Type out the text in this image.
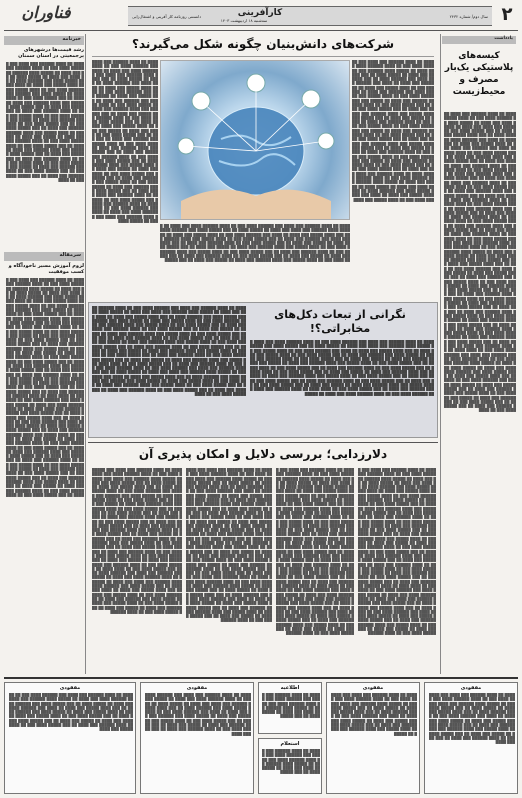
۲
کارآفرینی	سال دوم/ شماره ۲۴۳۲
سه‌شنبه ۱۸ اردیبهشت ۱۴۰۳
دانستنی روزنامه کار آفرینی و اشتغال‌زایی
فناوران
خبرنامه
رشد قیمت‌ها درشهرهای پرجمعیتی در استان سمنان
████ ██ ████ ██████ ███ ████ ███ ██████ ████ ███ ██ ████ ██████ ████ ███ ████ ██ █████ ████ ██████ ███ ████ ███ ████ ██ █████ ████ ██ ███ █████ ████ ███ ██████ ████ ██ ███ ████ █████ ███ ████ ██ ████ ███ ██████ ████ ███ ██ ████ █████ ███ ████ ██ █████ ████ ███ ██████ ███ ████ ██ ███ █████ ████ ███ ██ ████ █████ ███ ████ ██████ ███ ████ ██ █████ ███ ████ ██ ███ █████ ████ ███ ██ ████ ██████ ███ ████ ██ ███ █████ ████ ███ ██ ████ █████ ███ ████ ██████ ███ ████ ██ █████ ███ ████ ██ ███ █████ ████ ███ ██ ████ ██████ ███ ████ ██ ███ █████ ████ ███ ██ ████ █████ ███ ████ ██████ ███ ████ ██ █████ ███ ████ ██ ███ █████ ████ ███ ██ ████ ██████ ███ ████ ██ ███ █████ ████ ███ ██ ████ █████ ███ ████ ██████ ███ ████ ██ █████ ███ ████ ██ ███ █████ ████ ███ ██ ████ ██████ ███ ████ ██ ███ █████ ████ ███ ██ ████ █████ ███ ████ ██████ ███ ████ ██ █████ ███ ████ ██ ███ █████ ████ ███ ██ ████ ██████ ███ ████ ██ ███ █████ ████ ███ ██ ████
سرمقاله
لزوم آموزش مسیر ناخودآگاه و کسب موفقیت
████ ██ ████ ██████ ███ ████ ███ ██████ ████ ███ ██ ████ ██████ ████ ███ ████ ██ █████ ████ ██████ ███ ████ ███ ████ ██ █████ ████ ██ ███ █████ ████ ███ ██████ ████ ██ ███ ████ █████ ███ ████ ██ ████ ███ ██████ ████ ███ ██ ████ █████ ███ ████ ██ █████ ████ ███ ██████ ███ ████ ██ ███ █████ ████ ███ ██ ████ █████ ███ ████ ██████ ███ ████ ██ █████ ███ ████ ██ ███ █████ ████ ███ ██ ████ ██████ ███ ████ ██ ███ █████ ████ ███ ██ ████ █████ ███ ████ ██████ ███ ████ ██ █████ ███ ████ ██ ███ █████ ████ ███ ██ ████ ██████ ███ ████ ██ ███ █████ ████ ███ ██ ████ █████ ███ ████ ██████ ███ ████ ██ █████ ███ ████ ██ ███ █████ ████ ███ ██ ████ ██████ ███ ████ ██ ███ █████ ████ ███ ██ ████ █████ ███ ████ ██████ ███ ████ ██ █████ ███ ████ ██ ███ █████ ████ ███ ██ ████ ██████ ███ ████ ██ ███ █████ ████ ███ ██ ████ █████ ███ ████ ██████ ███ ████ ██ █████ ███ ████ ██ ███ █████ ████ ███ ██ ████ ██████ ███ ████ ██ ███ █████ ████ ███ ██ ████ ████ ██ ████ ██████ ███ ████ ███ ██████ ████ ███ ██ ████ ██████ ████ ███ ████ ██ █████ ████ ██████ ███ ████ ███ ████ ██ █████ ████ ██ ███ █████ ████ ███ ██████ ████ ██ ███ ████ █████ ███ ████ ██ ████ ███ ██████ ████ ███ ██ ████ █████ ███ ████ ██ █████ ████ ███ ██████ ███ ████ ██ ███ █████ ████ ███ ██ ████ █████ ███ ████ ██████ ███ ████ ██ █████ ███ ████ ██ ███ █████ ████ ███ ██ ████ ██████ ███ ████ ██ ███ █████ ████ ███ ██ ████ █████ ███ ████ ██████ ███ ████ ██ █████ ███ ████ ██ ███ █████ ████ ███ ██ ████ ██████ ███ ████ ██ ███ █████ ████ ███ ██ ████ █████ ███ ████ ██████ ███ ████ ██ █████ ███ ████ ██ ███ █████ ████ ███ ██ ████ ██████ ███ ████ ██ ███ █████ ████ ███ ██ ████ █████ ███ ████ ██████ ███ ████ ██ █████ ███ ████ ██ ███ █████ ████ ███ ██ ████ ██████ ███ ████ ██ ███ █████ ████ ███ ██ ████
یادداشت
کیسه‌های پلاستیکی یک‌بار مصرف و محیط‌زیست
████ ██ ████ ██████ ███ ████ ███ ██████ ████ ███ ██ ████ ██████ ████ ███ ████ ██ █████ ████ ██████ ███ ████ ███ ████ ██ █████ ████ ██ ███ █████ ████ ███ ██████ ████ ██ ███ ████ █████ ███ ████ ██ ████ ███ ██████ ████ ███ ██ ████ █████ ███ ████ ██ █████ ████ ███ ██████ ███ ████ ██ ███ █████ ████ ███ ██ ████ █████ ███ ████ ██████ ███ ████ ██ █████ ███ ████ ██ ███ █████ ████ ███ ██ ████ ██████ ███ ████ ██ ███ █████ ████ ███ ██ ████ █████ ███ ████ ██████ ███ ████ ██ █████ ███ ████ ██ ███ █████ ████ ███ ██ ████ ██████ ███ ████ ██ ███ █████ ████ ███ ██ ████ █████ ███ ████ ██████ ███ ████ ██ █████ ███ ████ ██ ███ █████ ████ ███ ██ ████ ██████ ███ ████ ██ ███ █████ ████ ███ ██ ████ █████ ███ ████ ██████ ███ ████ ██ █████ ███ ████ ██ ███ █████ ████ ███ ██ ████ ██████ ███ ████ ██ ███ █████ ████ ███ ██ ████ █████ ███ ████ ██████ ███ ████ ██ █████ ███ ████ ██ ███ █████ ████ ███ ██ ████ ██████ ███ ████ ██ ███ █████ ████ ███ ██ ████ ████ ██ ████ ██████ ███ ████ ███ ██████ ████ ███ ██ ████ ██████ ████ ███ ████ ██ █████ ████ ██████ ███ ████ ███ ████ ██ █████ ████ ██ ███ █████ ████ ███ ██████ ████ ██ ███ ████ █████ ███ ████ ██ ████ ███ ██████ ████ ███ ██ ████ █████ ███ ████ ██ █████ ████ ███ ██████ ███ ████ ██ ███ █████ ████ ███ ██ ████ █████ ███ ████ ██████ ███ ████ ██ █████ ███ ████ ██ ███ █████ ████ ███ ██ ████ ██████ ███ ████ ██ ███ █████ ████ ███ ██ ████ █████ ███ ████ ██████ ███ ████ ██ █████ ███ ████ ██ ███ █████ ████ ███ ██ ████ ██████ ███ ████ ██ ███ █████ ████ ███ ██ ████ █████ ███ ████ ██████ ███ ████ ██ █████ ███ ████ ██ ███ █████ ████ ███ ██ ████ ██████ ███ ████ ██ ███ █████ ████ ███ ██ ████ █████ ███ ████ ██████ ███ ████ ██ █████ ███ ████ ██ ███ █████ ████ ███ ██ ████ ██████ ███ ████ ██ ███ █████ ████ ███ ██ ████ ████ ██ ████ ██████ ███ ████ ███ ██████ ████ ███ ██ ████ ██████ ████ ███ ████ ██ █████ ████ ██████ ███ ████ ███ ████ ██ █████ ████ ██ ███ █████ ████ ███ ██████ ████ ██ ███ ████ █████ ███ ████ ██ ████ ███ ██████ ████ ███ ██ ████ █████ ███ ████ ██ █████ ████ ███ ██████ ███ ████ ██ ███ █████ ████ ███ ██ ████ █████ ███ ████ ██████ ███ ████ ██ █████ ███ ████ ██ ███ █████ ████ ███ ██ ████ ██████ ███ ████ ██ ███ █████ ████ ███ ██ ████
شرکت‌های دانش‌بنیان چگونه شکل می‌گیرند؟
████ ██ ████ ██████ ███ ████ ███ ██████ ████ ███ ██ ████ ██████ ████ ███ ████ ██ █████ ████ ██████ ███ ████ ███ ████ ██ █████ ████ ██ ███ █████ ████ ███ ██████ ████ ██ ███ ████ █████ ███ ████ ██ ████ ███ ██████ ████ ███ ██ ████ █████ ███ ████ ██ █████ ████ ███ ██████ ███ ████ ██ ███ █████ ████ ███ ██ ████ █████ ███ ████ ██████ ███ ████ ██ █████ ███ ████ ██ ███ █████ ████ ███ ██ ████ ██████ ███ ████ ██ ███ █████ ████ ███ ██ ████ █████ ███ ████ ██████ ███ ████ ██ █████ ███ ████ ██ ███ █████ ████ ███ ██ ████ ██████ ███ ████ ██ ███ █████ ████ ███ ██ ████ █████ ███ ████ ██████ ███ ████ ██ █████ ███ ████ ██ ███ █████ ████ ███ ██ ████ ██████ ███ ████ ██ ███ █████ ████ ███ ██ ████ █████ ███ ████ ██████ ███ ████ ██ █████ ███ ████ ██ ███ █████ ████ ███ ██ ████ ██████ ███ ████ ██ ███ █████ ████ ███ ██ ████ █████ ███ ████ ██████ ███ ████ ██ █████ ███ ████ ██ ███ █████ ████ ███ ██ ████ ██████ ███ ████ ██ ███ █████ ████ ███ ██ ████ ████ ██ ████ ██████ ███ ████ ███ ██████ ████ ███ ██ ████ ██████ ████ ███ ████ ██ █████ ████ ██████ ███ ████ ███ ████ ██ █████ ████ ██ ███ █████ ████ ███ ██████ ████ ██ ███ ████ █████ ███ ████ ██ ████ ███ ██████ ████ ███ ██ ████ █████ ███ ████
████ ██ ████ ██████ ███ ████ ███ ██████ ████ ███ ██ ████ ██████ ████ ███ ████ ██ █████ ████ ██████ ███ ████ ███ ████ ██ █████ ████ ██ ███ █████ ████ ███ ██████ ████ ██ ███ ████ █████ ███ ████ ██ ████ ███ ██████ ████ ███ ██ ████ █████ ███ ████ ██ █████ ████ ███ ██████ ███ ████ ██ ███ █████ ████ ███ ██ ████ █████ ███ ████ ██████ ███ ████ ██ █████ ███ ████ ██ ███ █████ ████ ███ ██ ████ ██████ ███ ████ ██ ███ █████ ████ ███ ██ ████ █████ ███ ████ ██████ ███ ████ ██ █████ ███ ████ ██ ███ █████ ████ ███ ██ ████ ██████ ███ ████ ██ ███ █████ ████ ███ ██ ████ █████ ███ ████ ██████ ███ ████ ██ █████ ███ ████ ██ ███ █████ ████ ███ ██ ████ ██████ ███ ████ ██ ███ █████ ████ ███ ██ ████ █████ ███ ████ ██████ ███ ████ ██ █████ ███ ████ ██ ███ █████ ████ ███ ██ ████ ██████ ███ ████ ██ ███ █████ ████ ███ ██ ████ █████ ███ ████ ██████ ███ ████ ██ █████ ███ ████ ██ ███ █████ ████ ███ ██ ████ ██████ ███ ████ ██ ███ █████ ████ ███ ██ ████ ████ ██ ████ ██████ ███ ████ ███ ██████ ████ ███ ██ ████ ██████ ████ ███ ████ ██ █████ ████ ██████ ███ ████ ███ ████ ██ █████ ████
████ ██ ████ ██████ ███ ████ ███ ██████ ████ ███ ██ ████ ██████ ████ ███ ████ ██ █████ ████ ██████ ███ ████ ███ ████ ██ █████ ████ ██ ███ █████ ████ ███ ██████ ████ ██ ███ ████ █████ ███ ████ ██ ████ ███ ██████ ████ ███ ██ ████ █████ ███ ████ ██ █████ ████ ███ ██████ ███ ████ ██ ███ █████ ████ ███ ██ ████ █████ ███ ████ ██████ ███ ████ ██ █████ ███ ████ ██ ███ █████ ████ ███ ██ ████ ██████ ███ ████ ██ ███ █████ ████ ███ ██ ████ █████ ███ ████ ██████ ███ ████ ██ █████ ███ ████ ██ ███ █████ ████ ███ ██ ████ ██████ ███ ████ ██ ███ █████ ████ ███ ██ ████ █████ ███ ████ ██████ ███ ████ ██ █████ ███ ████ ██ ███ █████ ████ ███ ██ ████ ██████ ███ ████ ██ ███ █████ ████ ███ ██ ████ █████ ███ ████ ██████ ███ ████ ██ █████ ███ ████ ██ ███ █████
نگرانی از تبعات دکل‌های مخابراتی؟!
████ ██ ████ ██████ ███ ████ ███ ██████ ████ ███ ██ ████ ██████ ████ ███ ████ ██ █████ ████ ██████ ███ ████ ███ ████ ██ █████ ████ ██ ███ █████ ████ ███ ██████ ████ ██ ███ ████ █████ ███ ████ ██ ████ ███ ██████ ████ ███ ██ ████ █████ ███ ████ ██ █████ ████ ███ ██████ ███ ████ ██ ███ █████ ████ ███ ██ ████ █████ ███ ████ ██████ ███ ████ ██ █████ ███ ████ ██ ███ █████ ████ ███ ██ ████ ██████ ███ ████ ██ ███ █████ ████ ███ ██ ████ █████ ███ ████ ██████ ███ ████ ██ █████ ███ ████ ██ ███ █████ ████ ███ ██ ████ ██████ ███ ████ ██ ███ █████ ████ ███ ██ ████ █████ ███ ████ ██████ ███ ████ ██ █████ ███ ████ ██ ███ █████ ████ ███ ██ ████ ██████ ███ ████ ██ ███ █████ ████ ███ ██ ████ █████ ███ ████ ██████ ███ ████ ██ █████ ███ ████ ██ ███ █████ ████ ███ ██ ████ ██████ ███ ████ ██ ███ █████ ████ ███ ██ ████ █████ ███ ████ ██████ ███ ████ ██ █████ ███ ████ ██ ███ █████ ████ ███ ██ ████ ██████ ███ ████ ██ ███ █████ ████ ███ ██ ████ ████ ██ ████ ██████ ███ ████ ███ ██████ ████ ███ ██ ████ ██████ ████ ███ ████ ██ █████
████ ██ ████ ██████ ███ ████ ███ ██████ ████ ███ ██ ████ ██████ ████ ███ ████ ██ █████ ████ ██████ ███ ████ ███ ████ ██ █████ ████ ██ ███ █████ ████ ███ ██████ ████ ██ ███ ████ █████ ███ ████ ██ ████ ███ ██████ ████ ███ ██ ████ █████ ███ ████ ██ █████ ████ ███ ██████ ███ ████ ██ ███ █████ ████ ███ ██ ████ █████ ███ ████ ██████ ███ ████ ██ █████ ███ ████ ██ ███ █████ ████ ███ ██ ████ ██████ ███ ████ ██ ███ █████ ████ ███ ██ ████ █████ ███ ████ ██████ ███ ████ ██ █████ ███ ████ ██ ███ █████ ████ ███ ██ ████ ██████ ███ ████ ██ ███ █████ ████ ███ ██ ████ █████ ███ ████ ██████ ███ ████ ██ █████ ███ ████ ██ ███ █████ ████ ███ ██ ████ ██████ ███ ████ ██ ███ █████ ████ ███ ██ ████ █████ ███ ████ ██████ ███ ████ ██ █████ ███ ████ ██ ███ █████ ████ ███ ██ ████ ██████ ███ ████ ██ ███ █████ ████ ███ ██ ████ █████ ███ ████ ██████ ███ ████ ██ █████ ███ ████ ██ ███ █████ ████ ███ ██ ████ ██████ ███ ████ ██ ███ █████ ████ ███ ██ ████ ████ ██ ████ ██████ ███ ████ ███ ██████ ████ ███ ██ ████ ██████ ████ ███ ████ ██ █████ ████ ██████ ███ ████ ███ ████ ██ █████ ████ ██ ███ █████ ████ ███ ██████ ████ ██ ███ ████ █████ ███ ████ ██ ████ ███ ██████ ████ ███ ██ ████ █████ ███ ████ ██ █████ ████ ███ ██████ ███ ████ ██ ███ █████ ████ ███ ██ ████ █████ ███ ████ ██████ ███ ████ ██ █████ ███ ████ ██ ███ █████ ████ ███ ██ ████ ██████ ███ ████ ██ ███ █████ ████ ███ ██ ████
دلارزدایی؛ بررسی دلایل و امکان پذیری آن
████ ██ ████ ██████ ███ ████ ███ ██████ ████ ███ ██ ████ ██████ ████ ███ ████ ██ █████ ████ ██████ ███ ████ ███ ████ ██ █████ ████ ██ ███ █████ ████ ███ ██████ ████ ██ ███ ████ █████ ███ ████ ██ ████ ███ ██████ ████ ███ ██ ████ █████ ███ ████ ██ █████ ████ ███ ██████ ███ ████ ██ ███ █████ ████ ███ ██ ████ █████ ███ ████ ██████ ███ ████ ██ █████ ███ ████ ██ ███ █████ ████ ███ ██ ████ ██████ ███ ████ ██ ███ █████ ████ ███ ██ ████ █████ ███ ████ ██████ ███ ████ ██ █████ ███ ████ ██ ███ █████ ████ ███ ██ ████ ██████ ███ ████ ██ ███ █████ ████ ███ ██ ████ █████ ███ ████ ██████ ███ ████ ██ █████ ███ ████ ██ ███ █████ ████ ███ ██ ████ ██████ ███ ████ ██ ███ █████ ████ ███ ██ ████ █████ ███ ████ ██████ ███ ████ ██ █████ ███ ████ ██ ███ █████ ████ ███ ██ ████ ██████ ███ ████ ██ ███ █████ ████ ███ ██ ████ █████ ███ ████ ██████ ███ ████ ██ █████ ███ ████ ██ ███ █████ ████ ███ ██ ████ ██████ ███ ████ ██ ███ █████ ████ ███ ██ ████ ████ ██ ████ ██████ ███ ████ ███ ██████ ████ ███ ██ ████ ██████ ████ ███ ████ ██ █████ ████ ██████ ███ ████ ███ ████ ██ █████ ████ ██ ███ █████ ████ ███ ██████ ████ ██ ███ ████ █████ ███ ████ ██ ████ ███ ██████ ████ ███ ██ ████ █████ ███ ████ ██ █████ ████ ███ ██████ ███ ████ ██ ███ █████ ████ ███ ██ ████ █████ ███ ████ ██████ ███ ████ ██ █████ ███ ████ ██ ███ █████ ████ ███ ██ ████ ██████
████ ██ ████ ██████ ███ ████ ███ ██████ ████ ███ ██ ████ ██████ ████ ███ ████ ██ █████ ████ ██████ ███ ████ ███ ████ ██ █████ ████ ██ ███ █████ ████ ███ ██████ ████ ██ ███ ████ █████ ███ ████ ██ ████ ███ ██████ ████ ███ ██ ████ █████ ███ ████ ██ █████ ████ ███ ██████ ███ ████ ██ ███ █████ ████ ███ ██ ████ █████ ███ ████ ██████ ███ ████ ██ █████ ███ ████ ██ ███ █████ ████ ███ ██ ████ ██████ ███ ████ ██ ███ █████ ████ ███ ██ ████ █████ ███ ████ ██████ ███ ████ ██ █████ ███ ████ ██ ███ █████ ████ ███ ██ ████ ██████ ███ ████ ██ ███ █████ ████ ███ ██ ████ █████ ███ ████ ██████ ███ ████ ██ █████ ███ ████ ██ ███ █████ ████ ███ ██ ████ ██████ ███ ████ ██ ███ █████ ████ ███ ██ ████ █████ ███ ████ ██████ ███ ████ ██ █████ ███ ████ ██ ███ █████ ████ ███ ██ ████ ██████ ███ ████ ██ ███ █████ ████ ███ ██ ████ █████ ███ ████ ██████ ███ ████ ██ █████ ███ ████ ██ ███ █████ ████ ███ ██ ████ ██████ ███ ████ ██ ███ █████ ████ ███ ██ ████ ████ ██ ████ ██████ ███ ████ ███ ██████ ████ ███ ██ ████ ██████ ████ ███ ████ ██ █████ ████ ██████ ███ ████ ███ ████ ██ █████ ████ ██ ███ █████ ████ ███ ██████ ████ ██ ███ ████ █████ ███ ████ ██ ████ ███ ██████ ████ ███ ██ ████ █████ ███ ████ ██ █████ ████ ███ ██████ ███ ████ ██ ███ █████ ████ ███ ██ ████ █████ ███ ████ ██████ ███ ████ ██ █████ ███ ████ ██ ███ █████ ████ ███ ██ ████ ██████
████ ██ ████ ██████ ███ ████ ███ ██████ ████ ███ ██ ████ ██████ ████ ███ ████ ██ █████ ████ ██████ ███ ████ ███ ████ ██ █████ ████ ██ ███ █████ ████ ███ ██████ ████ ██ ███ ████ █████ ███ ████ ██ ████ ███ ██████ ████ ███ ██ ████ █████ ███ ████ ██ █████ ████ ███ ██████ ███ ████ ██ ███ █████ ████ ███ ██ ████ █████ ███ ████ ██████ ███ ████ ██ █████ ███ ████ ██ ███ █████ ████ ███ ██ ████ ██████ ███ ████ ██ ███ █████ ████ ███ ██ ████ █████ ███ ████ ██████ ███ ████ ██ █████ ███ ████ ██ ███ █████ ████ ███ ██ ████ ██████ ███ ████ ██ ███ █████ ████ ███ ██ ████ █████ ███ ████ ██████ ███ ████ ██ █████ ███ ████ ██ ███ █████ ████ ███ ██ ████ ██████ ███ ████ ██ ███ █████ ████ ███ ██ ████ █████ ███ ████ ██████ ███ ████ ██ █████ ███ ████ ██ ███ █████ ████ ███ ██ ████ ██████ ███ ████ ██ ███ █████ ████ ███ ██ ████ █████ ███ ████ ██████ ███ ████ ██ █████ ███ ████ ██ ███ █████ ████ ███ ██ ████ ██████ ███ ████ ██ ███ █████ ████ ███ ██ ████ ████ ██ ████ ██████ ███ ████ ███ ██████ ████ ███ ██ ████ ██████ ████ ███ ████ ██ █████ ████ ██████ ███ ████ ███ ████ ██ █████ ████ ██ ███ █████ ████ ███ ██████ ████ ██ ███ ████ █████ ███ ████ ██ ████ ███ ██████ ████ ███ ██ ████ █████ ███ ████ ██ █████ ████ ███ ██████ ███ ████ ██ ███ █████ ████ ███ ██ ████ █████ ███ ████ ██████ ███ ████ ██ █████ ███ ████ ██ ███ █████ ████ ███ ██ ████ ██████
████ ██ ████ ██████ ███ ████ ███ ██████ ████ ███ ██ ████ ██████ ████ ███ ████ ██ █████ ████ ██████ ███ ████ ███ ████ ██ █████ ████ ██ ███ █████ ████ ███ ██████ ████ ██ ███ ████ █████ ███ ████ ██ ████ ███ ██████ ████ ███ ██ ████ █████ ███ ████ ██ █████ ████ ███ ██████ ███ ████ ██ ███ █████ ████ ███ ██ ████ █████ ███ ████ ██████ ███ ████ ██ █████ ███ ████ ██ ███ █████ ████ ███ ██ ████ ██████ ███ ████ ██ ███ █████ ████ ███ ██ ████ █████ ███ ████ ██████ ███ ████ ██ █████ ███ ████ ██ ███ █████ ████ ███ ██ ████ ██████ ███ ████ ██ ███ █████ ████ ███ ██ ████ █████ ███ ████ ██████ ███ ████ ██ █████ ███ ████ ██ ███ █████ ████ ███ ██ ████ ██████ ███ ████ ██ ███ █████ ████ ███ ██ ████ █████ ███ ████ ██████ ███ ████ ██ █████ ███ ████ ██ ███ █████ ████ ███ ██ ████ ██████ ███ ████ ██ ███ █████ ████ ███ ██ ████ █████ ███ ████ ██████ ███ ████ ██ █████ ███ ████ ██ ███ █████ ████ ███ ██ ████ ██████ ███ ████ ██ ███ █████ ████ ███ ██ ████ ████ ██ ████ ██████ ███ ████ ███ ██████ ████ ███ ██ ████ ██████ ████ ███ ████ ██ █████ ████ ██████ ███ ████ ███ ████ ██ █████ ████ ██ ███ █████ ████ ███ ██████ ████ ██ ███ ████ █████ ███ ████ ██ ████ ███ ██████ ████ ███ ██ ████ █████ ███ ████ ██ █████ ████ ███ ██████ ███ ████ ██ ███ █████ ████ ███ ██ ████ █████ ███ ████ ██████ ███ ████ ██ █████ ███ ████ ██ ███ █████ ████ ███ ██ ████ ██████
مفقودی
████ ██ ████ ██████ ███ ████ ███ ██████ ████ ███ ██ ████ ██████ ████ ███ ████ ██ █████ ████ ██████ ███ ████ ███ ████ ██ █████ ████ ██ ███ █████ ████ ███ ██████ ████ ██ ███ ████ █████ ███ ████ ██ ████ ███ ██████ ████ ███ ██ ████ █████ ███ ████ ██ █████ ████ ███ ██████ ███ ████ ██ ███ █████ ████ ███ ██ ████ █████ ███ ████ ██████ ███ ████ ██ █████ ███ ████ ██ ███ █████ ████ ███ ██ ████ ██████ ███ ████ ██ ███ █████ ████
مفقودی
████ ██ ████ ██████ ███ ████ ███ ██████ ████ ███ ██ ████ ██████ ████ ███ ████ ██ █████ ████ ██████ ███ ████ ███ ████ ██ █████ ████ ██ ███ █████ ████ ███ ██████ ████ ██ ███ ████ █████ ███ ████ ██ ████ ███ ██████ ████ ███ ██ ████ █████ ███ ████ ██ █████ ████ ███ ██████ ███ ████ ██ ███ █████ ████ ███ ██ ████ █████ ███ ████ ██████ ███ ████ ██ █████
اطلاعیه
████ ██ ████ ██████ ███ ████ ███ ██████ ████ ███ ██ ████ ██████ ████ ███ ████ ██ █████ ████ ██████ ███ ████ ███ ████ ██ █████ ████ ██ ███ █████
استعلام
████ ██ ████ ██████ ███ ████ ███ ██████ ████ ███ ██ ████ ██████ ████ ███ ████ ██ █████ ████ ██████ ███ ████ ███ ████ ██ █████ ████ ██ ███ █████
مفقودی
████ ██ ████ ██████ ███ ████ ███ ██████ ████ ███ ██ ████ ██████ ████ ███ ████ ██ █████ ████ ██████ ███ ████ ███ ████ ██ █████ ████ ██ ███ █████ ████ ███ ██████ ████ ██ ███ ████ █████ ███ ████ ██ ████ ███ ██████ ████ ███ ██ ████ █████ ███ ████ ██ █████ ████ ███ ██████ ███ ████ ██ ███ █████ ████ ███ ██ ████ █████ ███ ████ ██████ ███ ████ ██ █████ ███ ████ ██ ███ █████ ████ ███ ██ ████ ██████ ███ ████ ██ ███ █████ ████
مفقودی
████ ██ ████ ██████ ███ ████ ███ ██████ ████ ███ ██ ████ ██████ ████ ███ ████ ██ █████ ████ ██████ ███ ████ ███ ████ ██ █████ ████ ██ ███ █████ ████ ███ ██████ ████ ██ ███ ████ █████ ███ ████ ██ ████ ███ ██████ ████ ███ ██ ████ █████ ███ ████ ██ █████ ████ ███ ██████ ███ ████ ██ ███ █████ ████ ███ ██ ████ █████ ███ ████ ██████ ███ ████ ██ █████ ███ ████ ██ ███ █████ ████ ███ ██ ████ ██████ ███ ████ ██ ███ █████ ████ ███ ██ ████ █████ ███ ████
